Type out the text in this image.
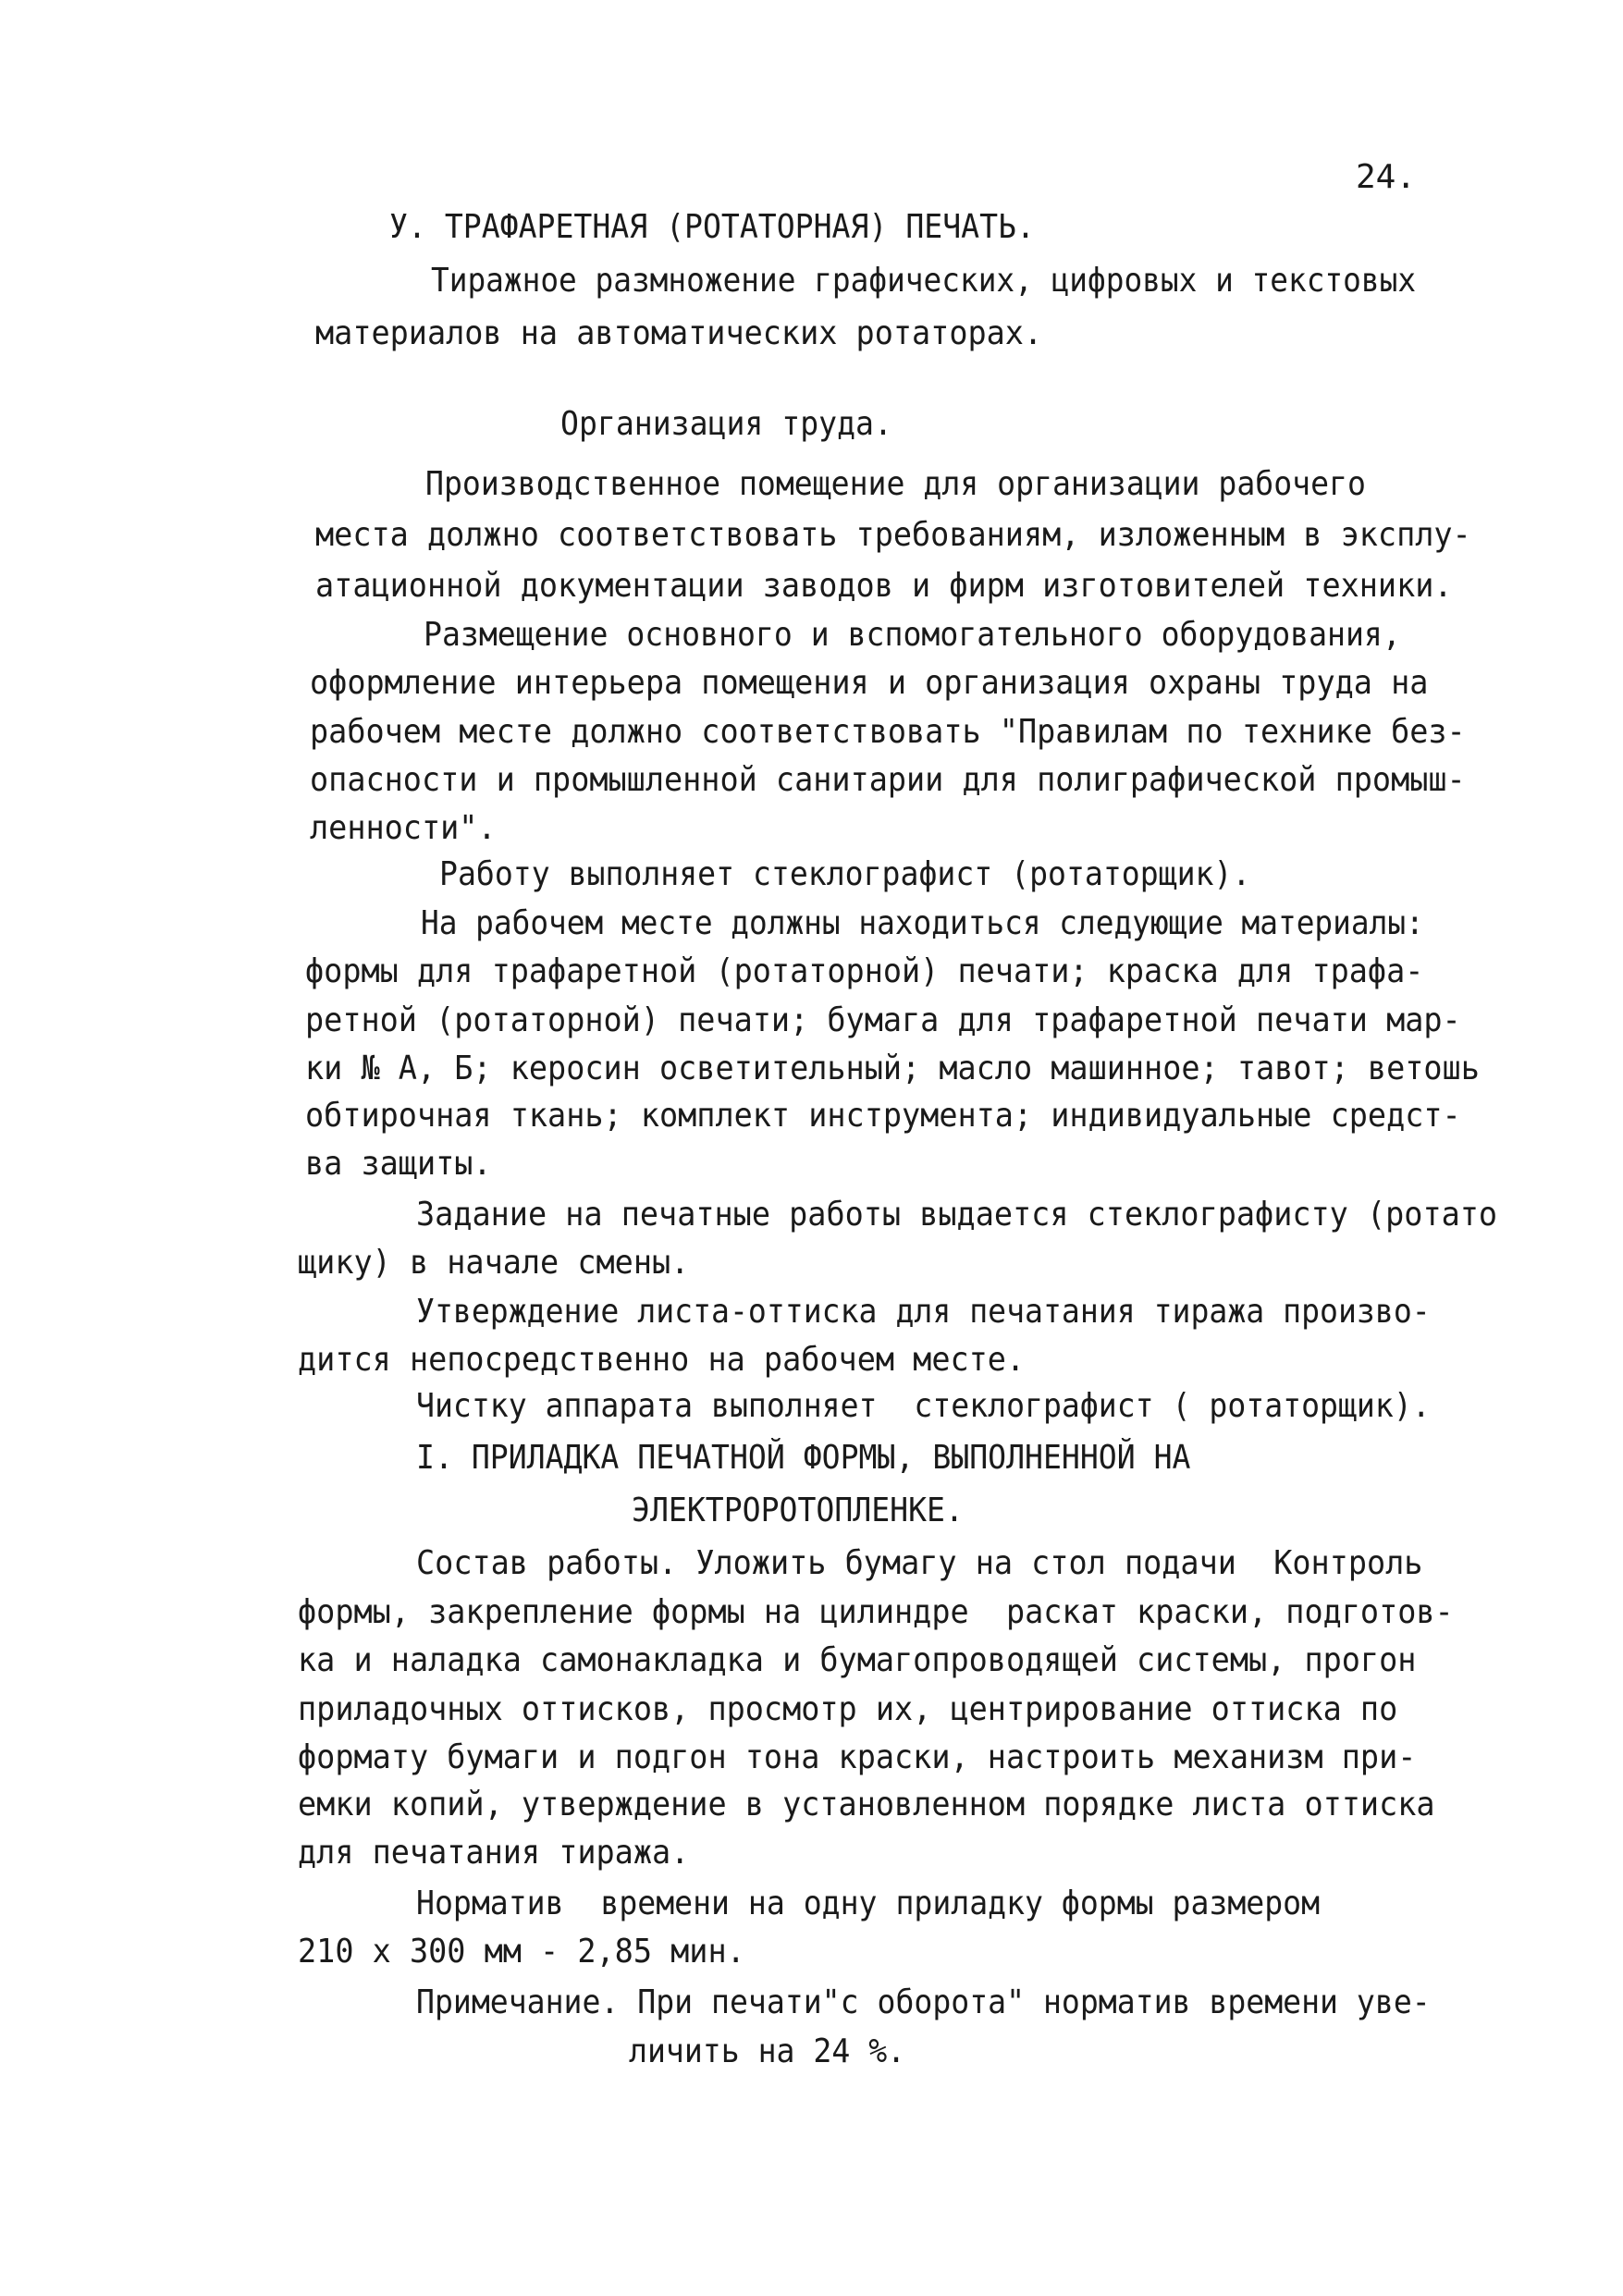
24.
У. ТРАФАРЕТНАЯ (РОТАТОРНАЯ) ПЕЧАТЬ.
Тиражное размножение графических, цифровых и текстовых
материалов на автоматических ротаторах.
Организация труда.
Производственное помещение для организации рабочего
места должно соответствовать требованиям, изложенным в эксплу-
атационной документации заводов и фирм изготовителей техники.
Размещение основного и вспомогательного оборудования,
оформление интерьера помещения и организация охраны труда на
рабочем месте должно соответствовать "Правилам по технике без-
опасности и промышленной санитарии для полиграфической промыш-
ленности".
Работу выполняет стеклографист (ротаторщик).
На рабочем месте должны находиться следующие материалы:
формы для трафаретной (ротаторной) печати; краска для трафа-
ретной (ротаторной) печати; бумага для трафаретной печати мар-
ки № А, Б; керосин осветительный; масло машинное; тавот; ветошь
обтирочная ткань; комплект инструмента; индивидуальные средст-
ва защиты.
Задание на печатные работы выдается стеклографисту (ротато
щику) в начале смены.
Утверждение листа-оттиска для печатания тиража произво-
дится непосредственно на рабочем месте.
Чистку аппарата выполняет  стеклографист ( ротаторщик).
I. ПРИЛАДКА ПЕЧАТНОЙ ФОРМЫ, ВЫПОЛНЕННОЙ НА
ЭЛЕКТРОРОТОПЛЕНКЕ.
Состав работы. Уложить бумагу на стол подачи  Контроль
формы, закрепление формы на цилиндре  раскат краски, подготов-
ка и наладка самонакладка и бумагопроводящей системы, прогон
приладочных оттисков, просмотр их, центрирование оттиска по
формату бумаги и подгон тона краски, настроить механизм при-
емки копий, утверждение в установленном порядке листа оттиска
для печатания тиража.
Норматив  времени на одну приладку формы размером
210 x 300 мм - 2,85 мин.
Примечание. При печати"с оборота" норматив времени уве-
личить на 24 %.
